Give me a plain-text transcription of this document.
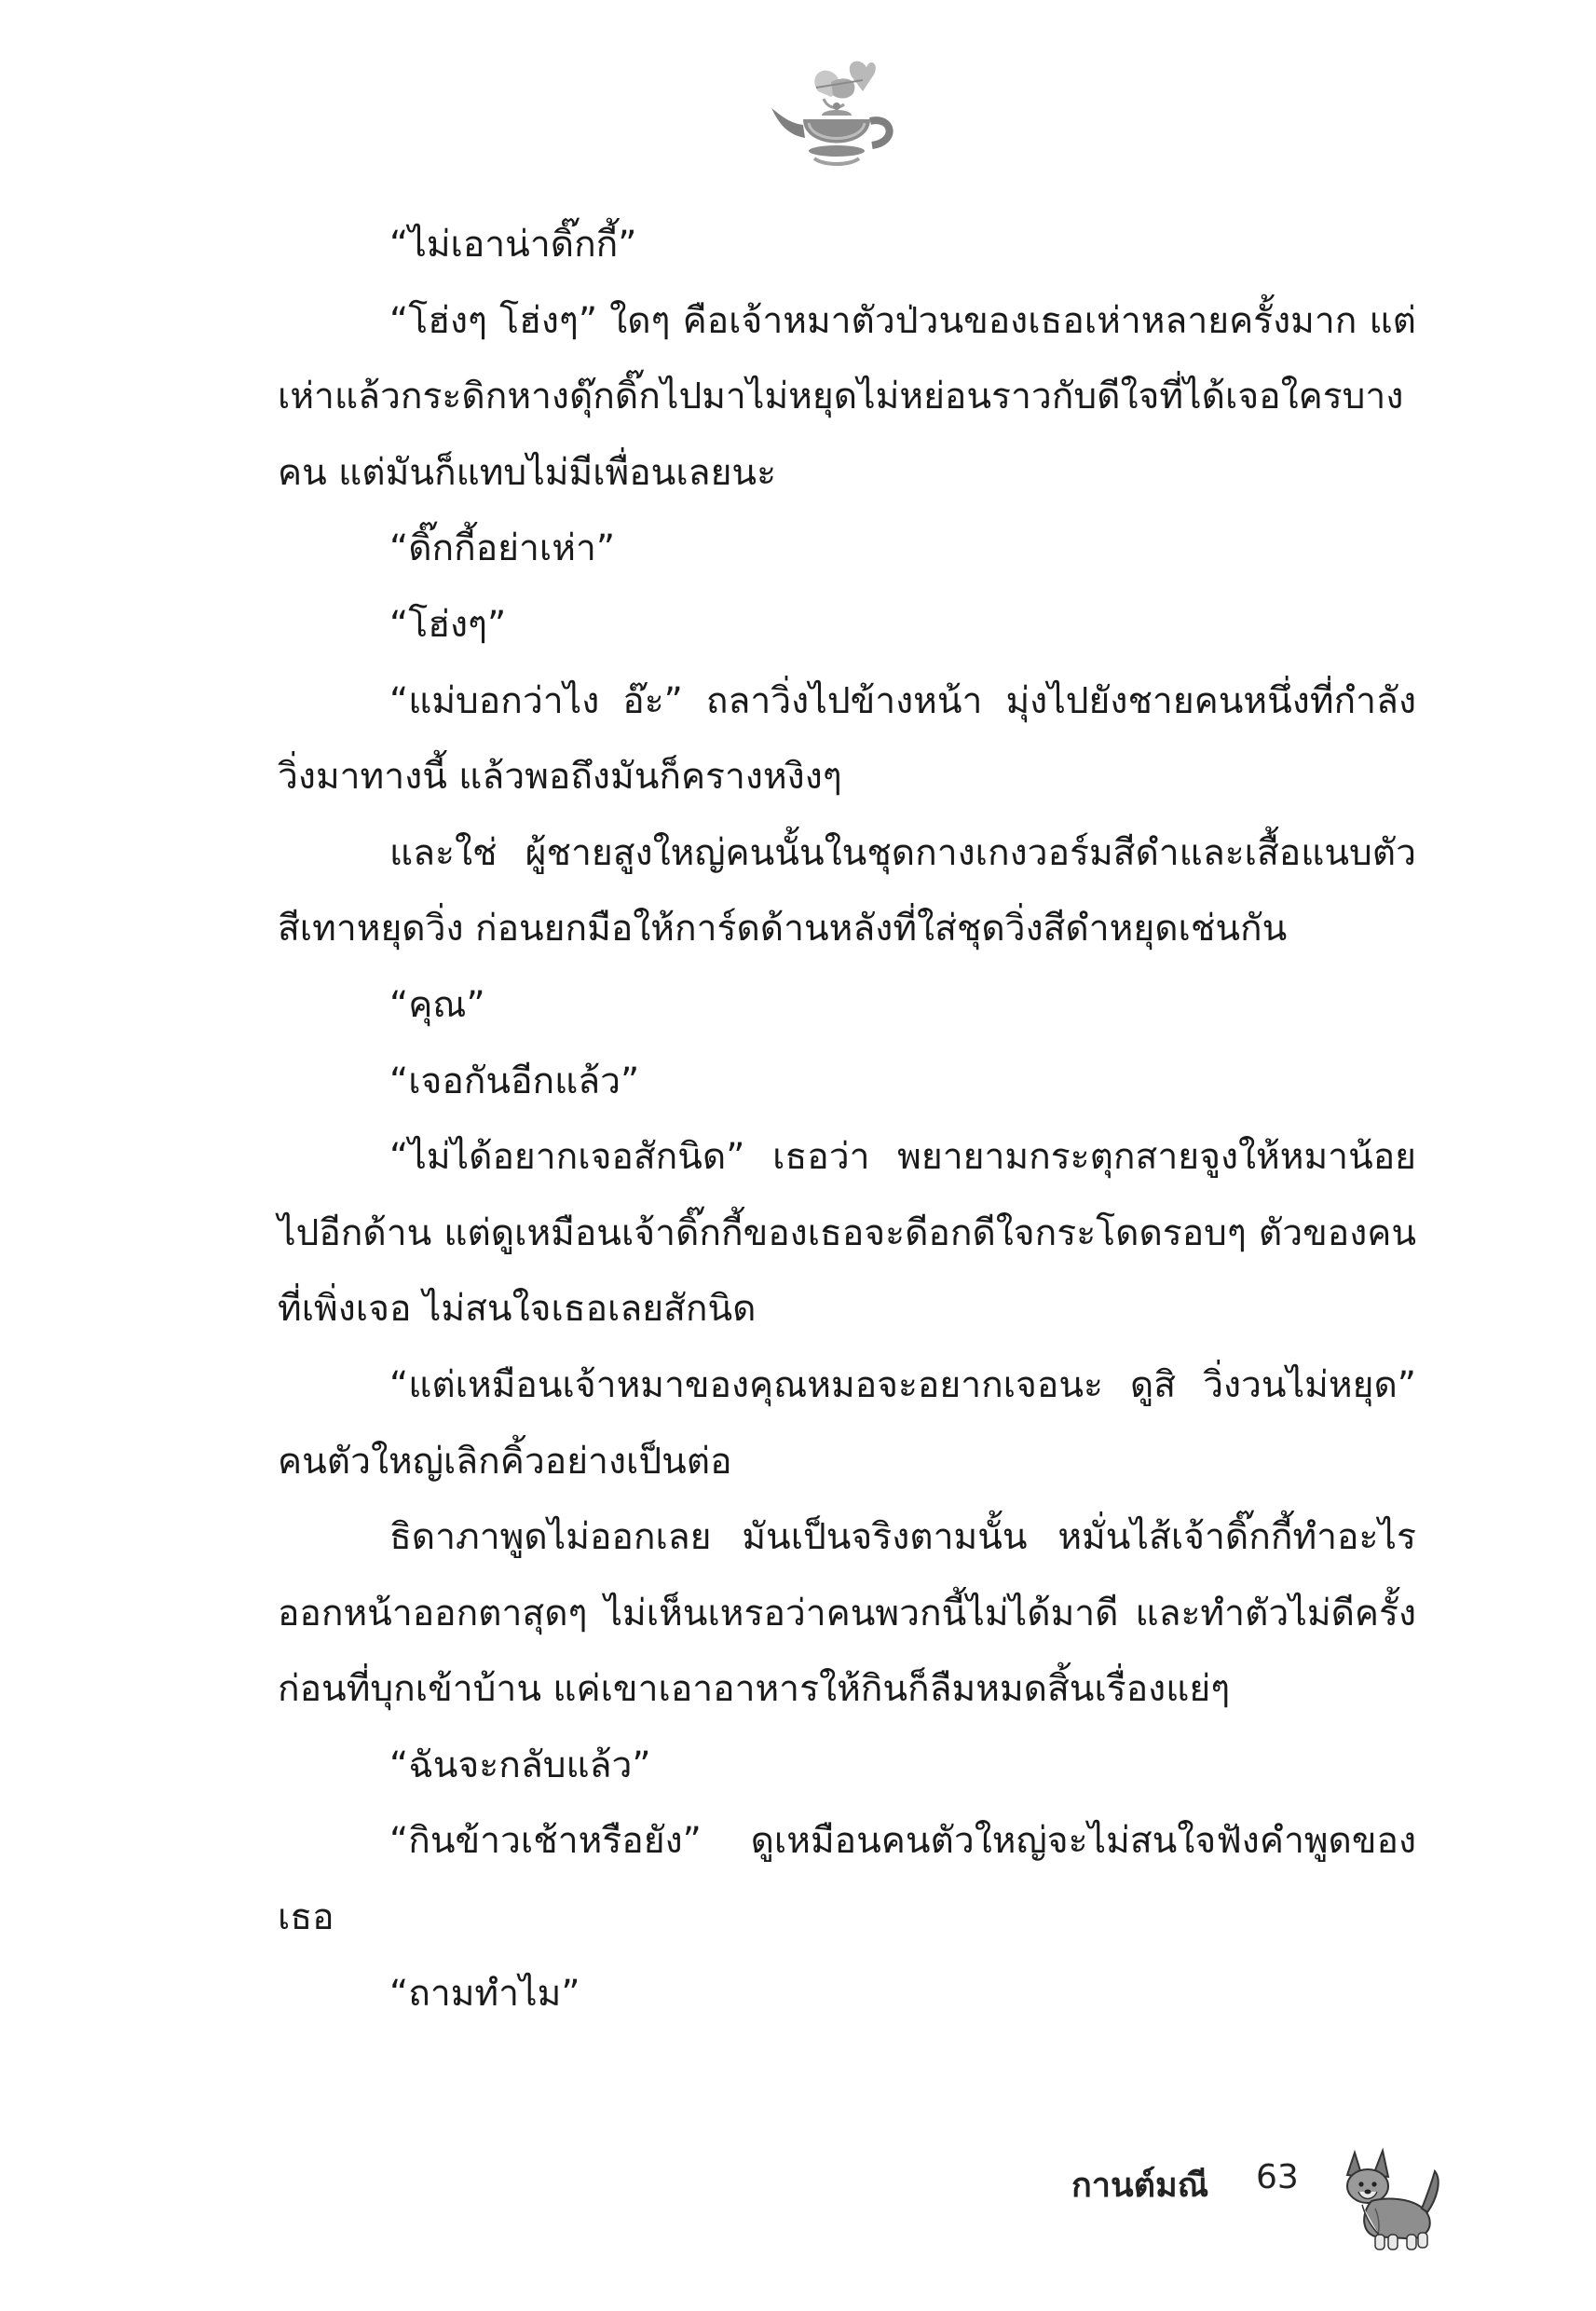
“ไม่เอาน่าดิ๊กกี้”

“โฮ่งๆ โฮ่งๆ” ใดๆ คือเจ้าหมาตัวป่วนของเธอเห่าหลายครั้งมาก แต่เห่าแล้วกระดิกหางดุ๊กดิ๊กไปมาไม่หยุดไม่หย่อนราวกับดีใจที่ได้เจอใครบางคน แต่มันก็แทบไม่มีเพื่อนเลยนะ

“ดิ๊กกี้อย่าเห่า”

“โฮ่งๆ”

“แม่บอกว่าไง อ๊ะ” ถลาวิ่งไปข้างหน้า มุ่งไปยังชายคนหนึ่งที่กำลังวิ่งมาทางนี้ แล้วพอถึงมันก็ครางหงิงๆ

และใช่ ผู้ชายสูงใหญ่คนนั้นในชุดกางเกงวอร์มสีดำและเสื้อแนบตัวสีเทาหยุดวิ่ง ก่อนยกมือให้การ์ดด้านหลังที่ใส่ชุดวิ่งสีดำหยุดเช่นกัน

“คุณ”

“เจอกันอีกแล้ว”

“ไม่ได้อยากเจอสักนิด” เธอว่า พยายามกระตุกสายจูงให้หมาน้อยไปอีกด้าน แต่ดูเหมือนเจ้าดิ๊กกี้ของเธอจะดีอกดีใจกระโดดรอบๆ ตัวของคนที่เพิ่งเจอ ไม่สนใจเธอเลยสักนิด

“แต่เหมือนเจ้าหมาของคุณหมอจะอยากเจอนะ ดูสิ วิ่งวนไม่หยุด” คนตัวใหญ่เลิกคิ้วอย่างเป็นต่อ

ธิดาภาพูดไม่ออกเลย มันเป็นจริงตามนั้น หมั่นไส้เจ้าดิ๊กกี้ทำอะไรออกหน้าออกตาสุดๆ ไม่เห็นเหรอว่าคนพวกนี้ไม่ได้มาดี และทำตัวไม่ดีครั้งก่อนที่บุกเข้าบ้าน แค่เขาเอาอาหารให้กินก็ลืมหมดสิ้นเรื่องแย่ๆ

“ฉันจะกลับแล้ว”

“กินข้าวเช้าหรือยัง” ดูเหมือนคนตัวใหญ่จะไม่สนใจฟังคำพูดของเธอ

“ถามทำไม”

กานต์มณี 63
